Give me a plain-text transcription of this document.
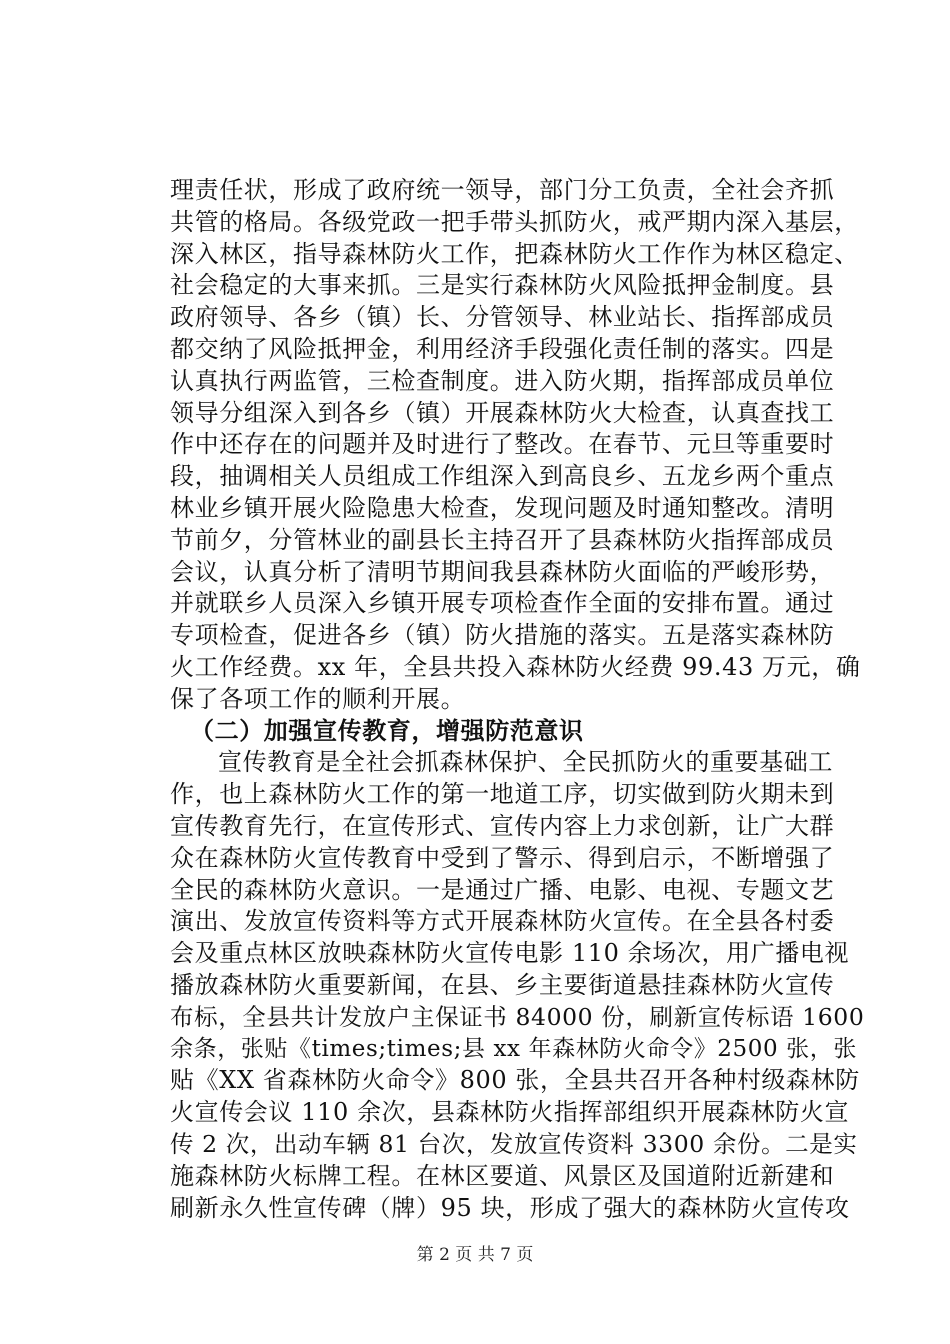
理责任状，形成了政府统一领导，部门分工负责，全社会齐抓
共管的格局。各级党政一把手带头抓防火，戒严期内深入基层，
深入林区，指导森林防火工作，把森林防火工作作为林区稳定、
社会稳定的大事来抓。三是实行森林防火风险抵押金制度。县
政府领导、各乡（镇）长、分管领导、林业站长、指挥部成员
都交纳了风险抵押金，利用经济手段强化责任制的落实。四是
认真执行两监管，三检查制度。进入防火期，指挥部成员单位
领导分组深入到各乡（镇）开展森林防火大检查，认真查找工
作中还存在的问题并及时进行了整改。在春节、元旦等重要时
段，抽调相关人员组成工作组深入到高良乡、五龙乡两个重点
林业乡镇开展火险隐患大检查，发现问题及时通知整改。清明
节前夕，分管林业的副县长主持召开了县森林防火指挥部成员
会议，认真分析了清明节期间我县森林防火面临的严峻形势，
并就联乡人员深入乡镇开展专项检查作全面的安排布置。通过
专项检查，促进各乡（镇）防火措施的落实。五是落实森林防
火工作经费。xx 年，全县共投入森林防火经费 99.43 万元，确
保了各项工作的顺利开展。
（二）加强宣传教育，增强防范意识
宣传教育是全社会抓森林保护、全民抓防火的重要基础工
作，也上森林防火工作的第一地道工序，切实做到防火期未到
宣传教育先行，在宣传形式、宣传内容上力求创新，让广大群
众在森林防火宣传教育中受到了警示、得到启示，不断增强了
全民的森林防火意识。一是通过广播、电影、电视、专题文艺
演出、发放宣传资料等方式开展森林防火宣传。在全县各村委
会及重点林区放映森林防火宣传电影 110 余场次，用广播电视
播放森林防火重要新闻，在县、乡主要街道悬挂森林防火宣传
布标，全县共计发放户主保证书 84000 份，刷新宣传标语 1600
余条，张贴《times;times;县 xx 年森林防火命令》2500 张，张
贴《XX 省森林防火命令》800 张，全县共召开各种村级森林防
火宣传会议 110 余次，县森林防火指挥部组织开展森林防火宣
传 2 次，出动车辆 81 台次，发放宣传资料 3300 余份。二是实
施森林防火标牌工程。在林区要道、风景区及国道附近新建和
刷新永久性宣传碑（牌）95 块，形成了强大的森林防火宣传攻
第 2 页 共 7 页
